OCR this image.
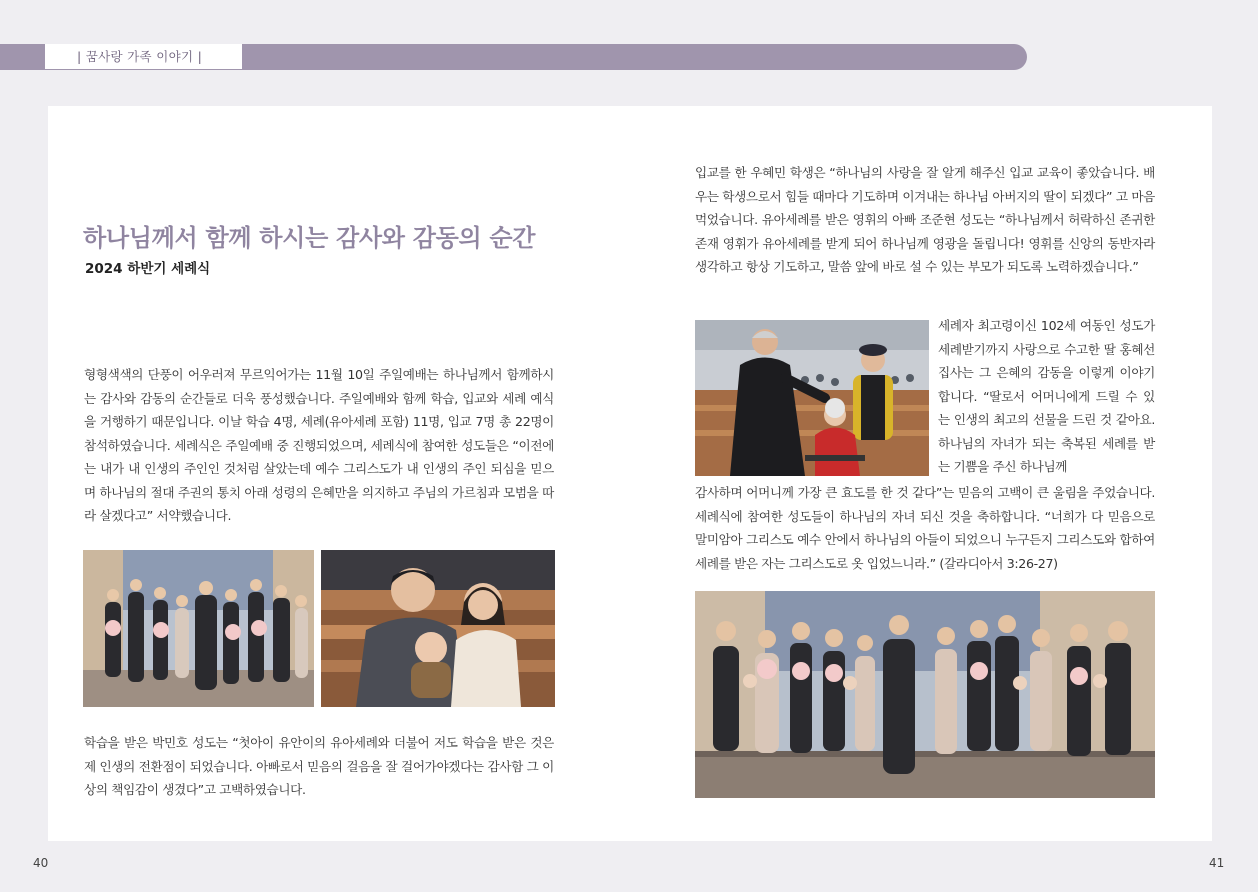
| 꿈사랑 가족 이야기 |
하나님께서 함께 하시는 감사와 감동의 순간
2024 하반기 세례식

형형색색의 단풍이 어우러져 무르익어가는 11월 10일 주일예배는 하나님께서 함께하시는 감사와 감동의 순간들로 더욱 풍성했습니다. 주일예배와 함께 학습, 입교와 세례 예식을 거행하기 때문입니다. 이날 학습 4명, 세례(유아세례 포함) 11명, 입교 7명 총 22명이 참석하였습니다. 세례식은 주일예배 중 진행되었으며, 세례식에 참여한 성도들은 “이전에는 내가 내 인생의 주인인 것처럼 살았는데 예수 그리스도가 내 인생의 주인 되심을 믿으며 하나님의 절대 주권의 통치 아래 성령의 은혜만을 의지하고 주님의 가르침과 모범을 따라 살겠다고” 서약했습니다.

학습을 받은 박민호 성도는 “첫아이 유안이의 유아세례와 더불어 저도 학습을 받은 것은 제 인생의 전환점이 되었습니다. 아빠로서 믿음의 걸음을 잘 걸어가야겠다는 감사함 그 이상의 책임감이 생겼다”고 고백하였습니다.

입교를 한 우혜민 학생은 “하나님의 사랑을 잘 알게 해주신 입교 교육이 좋았습니다. 배우는 학생으로서 힘들 때마다 기도하며 이겨내는 하나님 아버지의 딸이 되겠다” 고 마음먹었습니다. 유아세례를 받은 영휘의 아빠 조준현 성도는 “하나님께서 허락하신 존귀한 존재 영휘가 유아세례를 받게 되어 하나님께 영광을 돌립니다! 영휘를 신앙의 동반자라 생각하고 항상 기도하고, 말씀 앞에 바로 설 수 있는 부모가 되도록 노력하겠습니다.”

세례자 최고령이신 102세 여동인 성도가 세례받기까지 사랑으로 수고한 딸 홍혜선 집사는 그 은혜의 감동을 이렇게 이야기합니다. “딸로서 어머니에게 드릴 수 있는 인생의 최고의 선물을 드린 것 같아요. 하나님의 자녀가 되는 축복된 세례를 받는 기쁨을 주신 하나님께

감사하며 어머니께 가장 큰 효도를 한 것 같다”는 믿음의 고백이 큰 울림을 주었습니다. 세례식에 참여한 성도들이 하나님의 자녀 되신 것을 축하합니다. “너희가 다 믿음으로 말미암아 그리스도 예수 안에서 하나님의 아들이 되었으니 누구든지 그리스도와 합하여 세례를 받은 자는 그리스도로 옷 입었느니라.” (갈라디아서 3:26-27)

40	41
